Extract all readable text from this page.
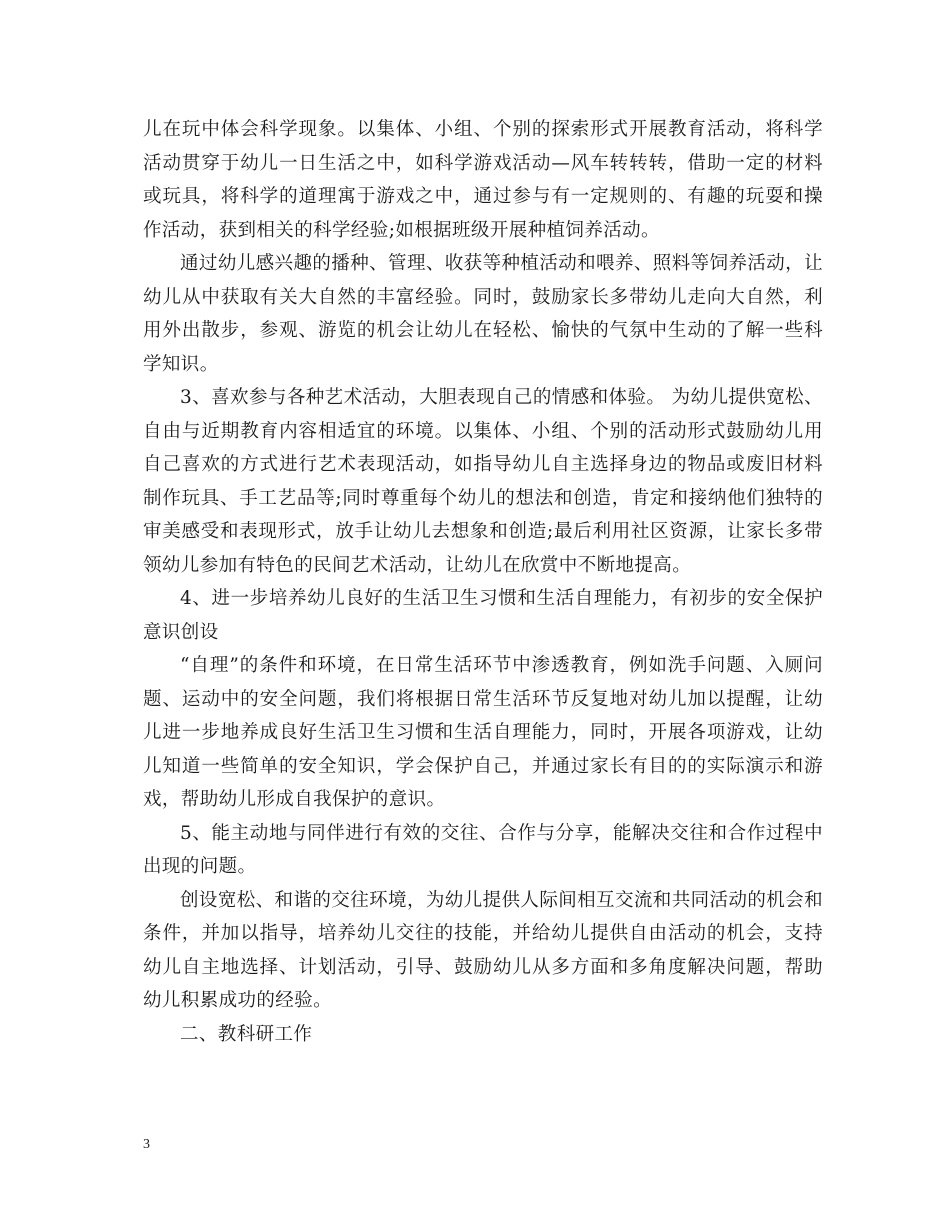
儿在玩中体会科学现象。以集体、小组、个别的探索形式开展教育活动，将科学活动贯穿于幼儿一日生活之中，如科学游戏活动—风车转转转，借助一定的材料或玩具，将科学的道理寓于游戏之中，通过参与有一定规则的、有趣的玩耍和操作活动，获到相关的科学经验;如根据班级开展种植饲养活动。

通过幼儿感兴趣的播种、管理、收获等种植活动和喂养、照料等饲养活动，让幼儿从中获取有关大自然的丰富经验。同时，鼓励家长多带幼儿走向大自然，利用外出散步，参观、游览的机会让幼儿在轻松、愉快的气氛中生动的了解一些科学知识。

3、喜欢参与各种艺术活动，大胆表现自己的情感和体验。 为幼儿提供宽松、自由与近期教育内容相适宜的环境。以集体、小组、个别的活动形式鼓励幼儿用自己喜欢的方式进行艺术表现活动，如指导幼儿自主选择身边的物品或废旧材料制作玩具、手工艺品等;同时尊重每个幼儿的想法和创造，肯定和接纳他们独特的审美感受和表现形式，放手让幼儿去想象和创造;最后利用社区资源，让家长多带领幼儿参加有特色的民间艺术活动，让幼儿在欣赏中不断地提高。

4、进一步培养幼儿良好的生活卫生习惯和生活自理能力，有初步的安全保护意识创设

“自理”的条件和环境，在日常生活环节中渗透教育，例如洗手问题、入厕问题、运动中的安全问题，我们将根据日常生活环节反复地对幼儿加以提醒，让幼儿进一步地养成良好生活卫生习惯和生活自理能力，同时，开展各项游戏，让幼儿知道一些简单的安全知识，学会保护自己，并通过家长有目的的实际演示和游戏，帮助幼儿形成自我保护的意识。

5、能主动地与同伴进行有效的交往、合作与分享，能解决交往和合作过程中出现的问题。

创设宽松、和谐的交往环境，为幼儿提供人际间相互交流和共同活动的机会和条件，并加以指导，培养幼儿交往的技能，并给幼儿提供自由活动的机会，支持幼儿自主地选择、计划活动，引导、鼓励幼儿从多方面和多角度解决问题，帮助幼儿积累成功的经验。

二、教科研工作

3
